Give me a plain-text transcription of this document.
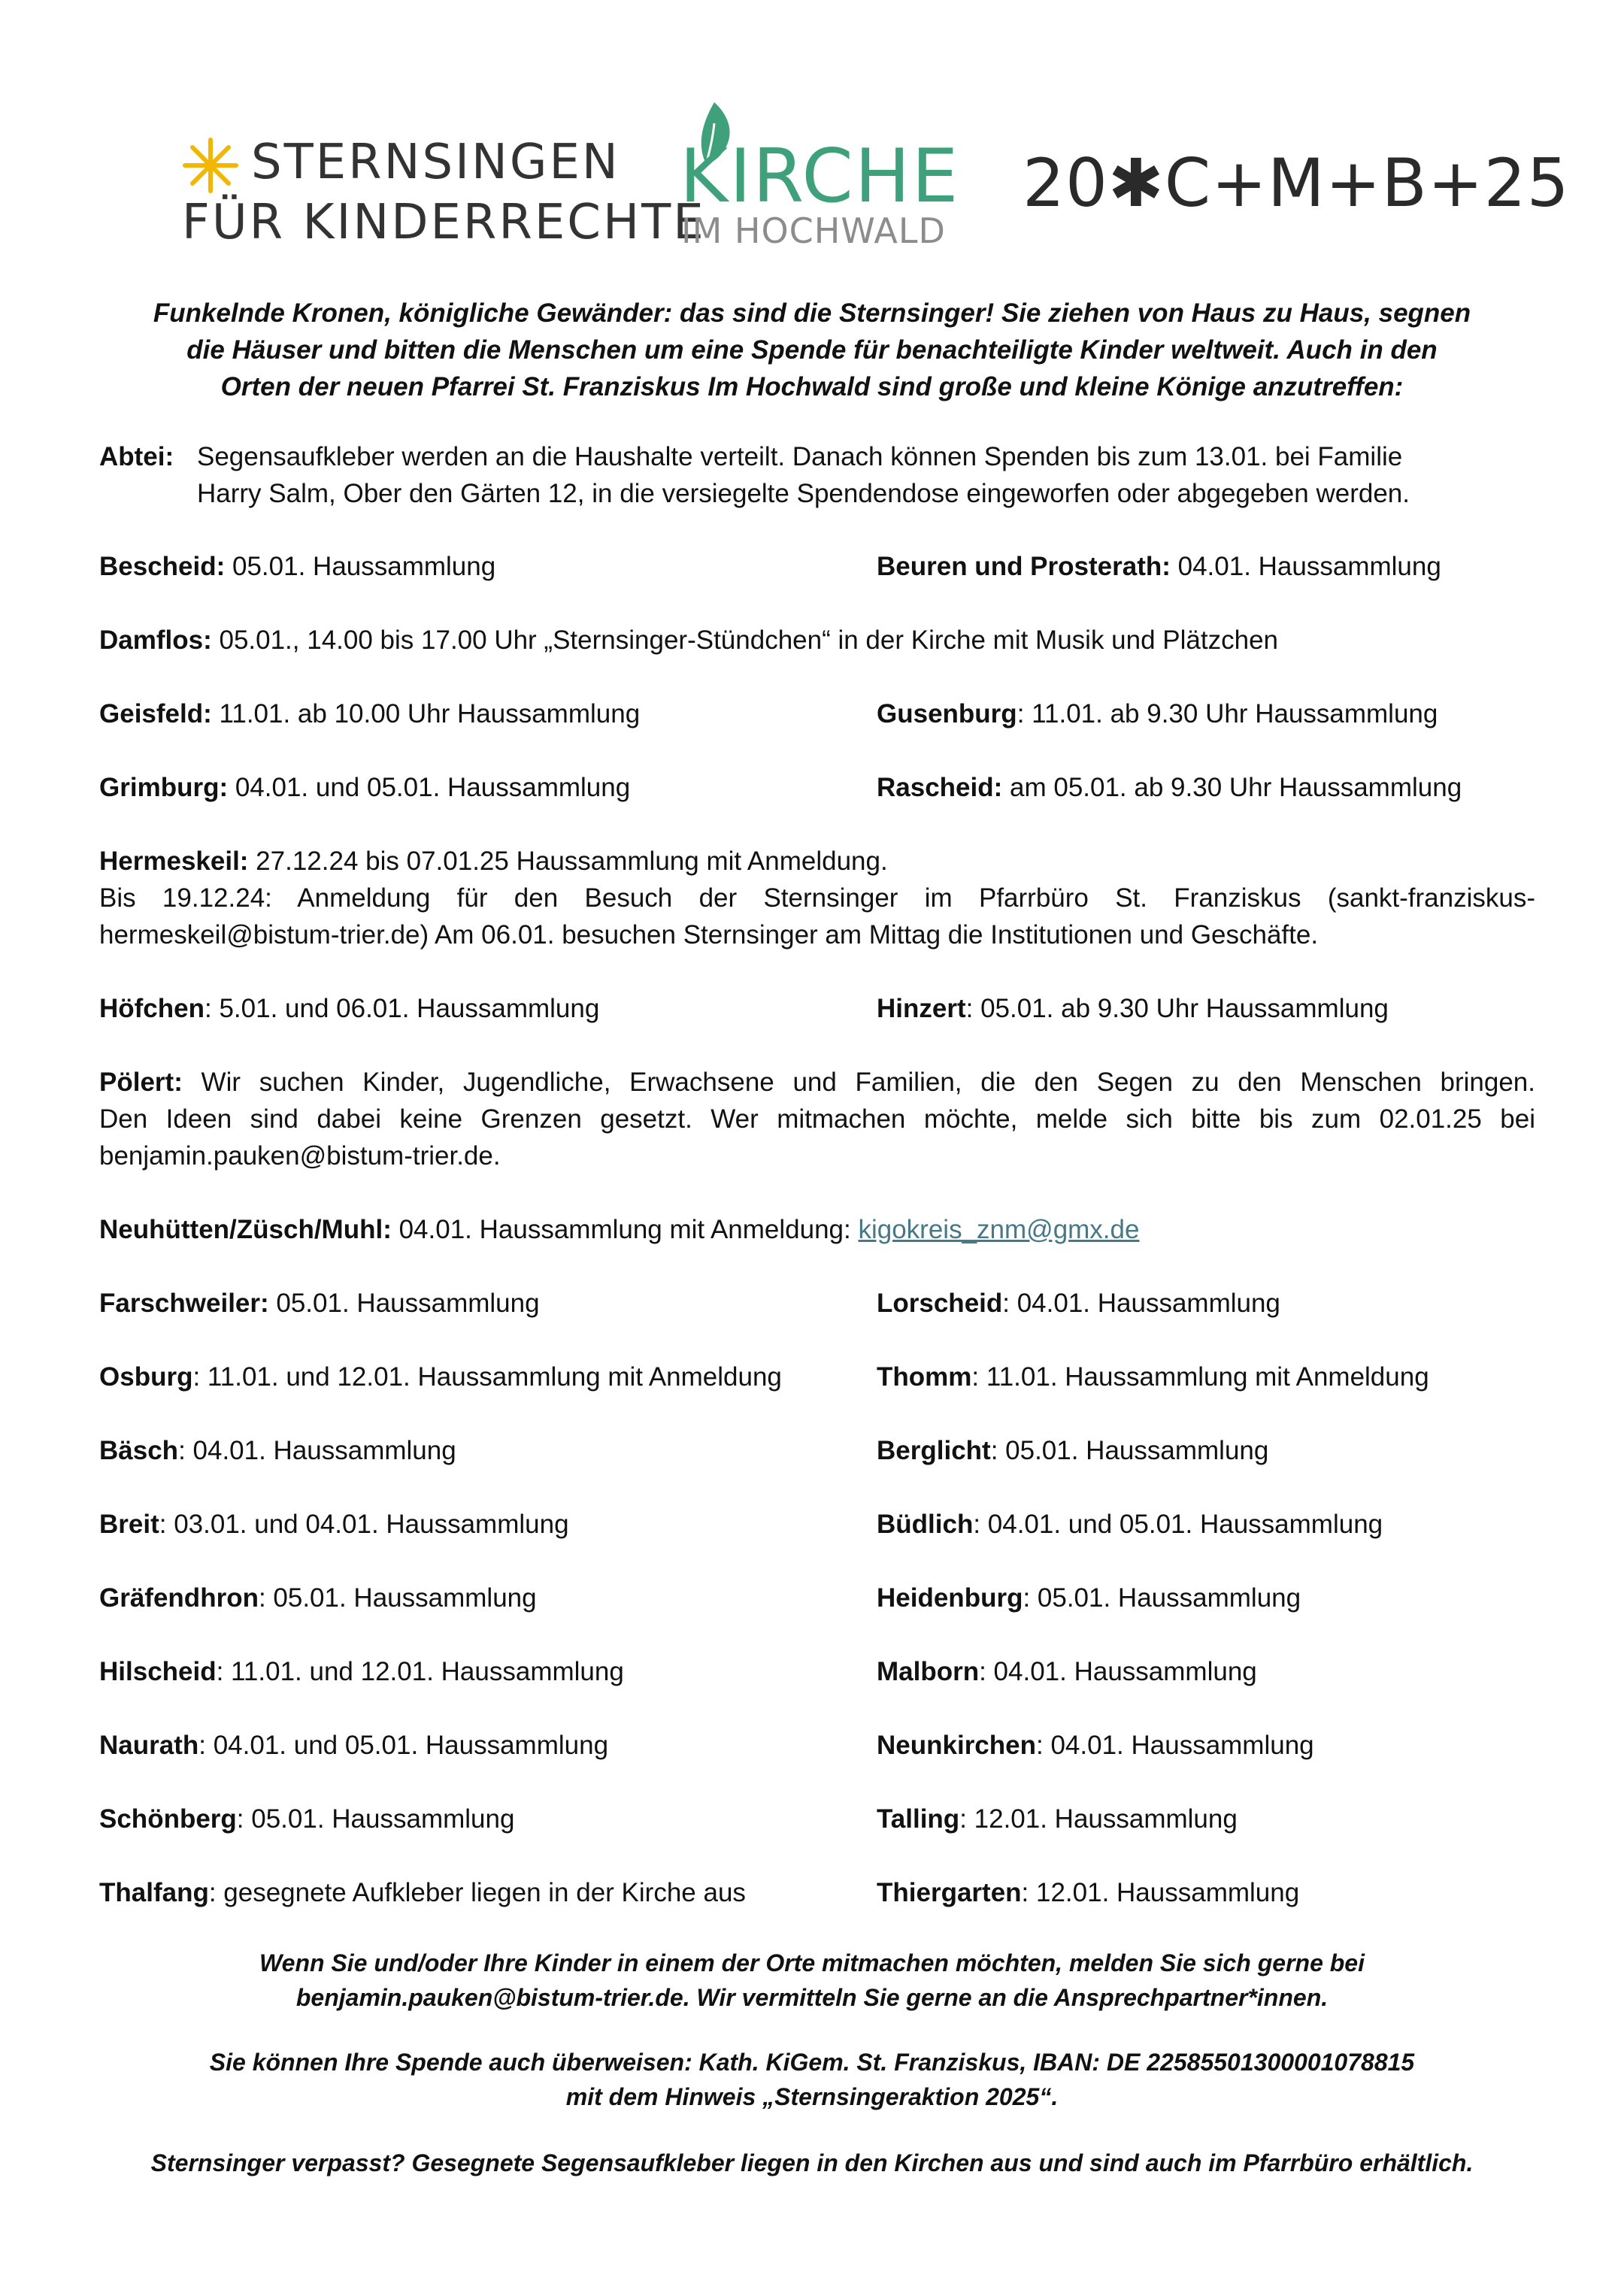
STERNSINGEN
FÜR KINDERRECHTE
KIRCHE
IM HOCHWALD
20✱C+M+B+25
Funkelnde Kronen, königliche Gewänder: das sind die Sternsinger! Sie ziehen von Haus zu Haus, segnen
die Häuser und bitten die Menschen um eine Spende für benachteiligte Kinder weltweit. Auch in den
Orten der neuen Pfarrei St. Franziskus Im Hochwald sind große und kleine Könige anzutreffen:
Abtei: Segensaufkleber werden an die Haushalte verteilt. Danach können Spenden bis zum 13.01. bei Familie
Harry Salm, Ober den Gärten 12, in die versiegelte Spendendose eingeworfen oder abgegeben werden.
Bescheid: 05.01. Haussammlung	Beuren und Prosterath: 04.01. Haussammlung
Damflos: 05.01., 14.00 bis 17.00 Uhr „Sternsinger-Stündchen“ in der Kirche mit Musik und Plätzchen
Geisfeld: 11.01. ab 10.00 Uhr Haussammlung	Gusenburg: 11.01. ab 9.30 Uhr Haussammlung
Grimburg: 04.01. und 05.01. Haussammlung	Rascheid: am 05.01. ab 9.30 Uhr Haussammlung
Hermeskeil: 27.12.24 bis 07.01.25 Haussammlung mit Anmeldung.
Bis 19.12.24: Anmeldung für den Besuch der Sternsinger im Pfarrbüro St. Franziskus (sankt-franziskus-
hermeskeil@bistum-trier.de) Am 06.01. besuchen Sternsinger am Mittag die Institutionen und Geschäfte.
Höfchen: 5.01. und 06.01. Haussammlung	Hinzert: 05.01. ab 9.30 Uhr Haussammlung
Pölert: Wir suchen Kinder, Jugendliche, Erwachsene und Familien, die den Segen zu den Menschen bringen.
Den Ideen sind dabei keine Grenzen gesetzt. Wer mitmachen möchte, melde sich bitte bis zum 02.01.25 bei
benjamin.pauken@bistum-trier.de.
Neuhütten/Züsch/Muhl: 04.01. Haussammlung mit Anmeldung: kigokreis_znm@gmx.de
Farschweiler: 05.01. Haussammlung	Lorscheid: 04.01. Haussammlung
Osburg: 11.01. und 12.01. Haussammlung mit Anmeldung	Thomm: 11.01. Haussammlung mit Anmeldung
Bäsch: 04.01. Haussammlung	Berglicht: 05.01. Haussammlung
Breit: 03.01. und 04.01. Haussammlung	Büdlich: 04.01. und 05.01. Haussammlung
Gräfendhron: 05.01. Haussammlung	Heidenburg: 05.01. Haussammlung
Hilscheid: 11.01. und 12.01. Haussammlung	Malborn: 04.01. Haussammlung
Naurath: 04.01. und 05.01. Haussammlung	Neunkirchen: 04.01. Haussammlung
Schönberg: 05.01. Haussammlung	Talling: 12.01. Haussammlung
Thalfang: gesegnete Aufkleber liegen in der Kirche aus	Thiergarten: 12.01. Haussammlung
Wenn Sie und/oder Ihre Kinder in einem der Orte mitmachen möchten, melden Sie sich gerne bei
benjamin.pauken@bistum-trier.de. Wir vermitteln Sie gerne an die Ansprechpartner*innen.
Sie können Ihre Spende auch überweisen: Kath. KiGem. St. Franziskus, IBAN: DE 22585501300001078815
mit dem Hinweis „Sternsingeraktion 2025“.
Sternsinger verpasst? Gesegnete Segensaufkleber liegen in den Kirchen aus und sind auch im Pfarrbüro erhältlich.
